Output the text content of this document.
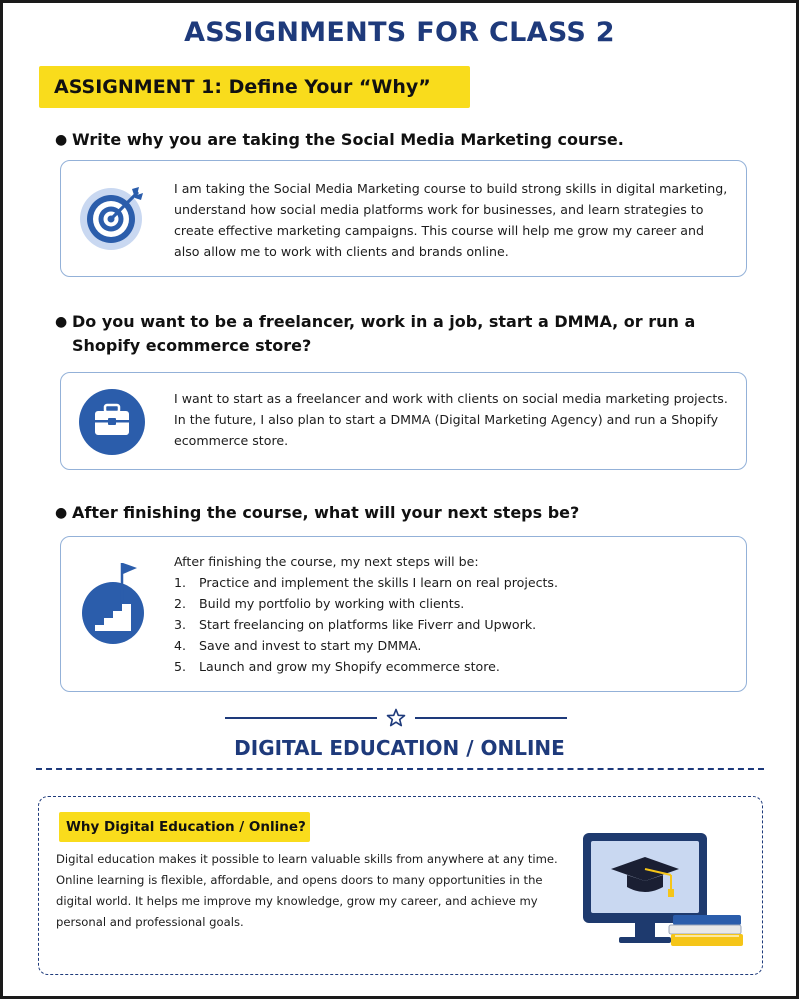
ASSIGNMENTS FOR CLASS 2
ASSIGNMENT 1: Define Your “Why”
● Write why you are taking the Social Media Marketing course.
I am taking the Social Media Marketing course to build strong skills in digital marketing, understand how social media platforms work for businesses, and learn strategies to create effective marketing campaigns. This course will help me grow my career and also allow me to work with clients and brands online.
● Do you want to be a freelancer, work in a job, start a DMMA, or run a Shopify ecommerce store?
I want to start as a freelancer and work with clients on social media marketing projects. In the future, I also plan to start a DMMA (Digital Marketing Agency) and run a Shopify ecommerce store.
● After finishing the course, what will your next steps be?
After finishing the course, my next steps will be:
1. Practice and implement the skills I learn on real projects.
2. Build my portfolio by working with clients.
3. Start freelancing on platforms like Fiverr and Upwork.
4. Save and invest to start my DMMA.
5. Launch and grow my Shopify ecommerce store.
DIGITAL EDUCATION / ONLINE
Why Digital Education / Online?
Digital education makes it possible to learn valuable skills from anywhere at any time. Online learning is flexible, affordable, and opens doors to many opportunities in the digital world. It helps me improve my knowledge, grow my career, and achieve my personal and professional goals.
